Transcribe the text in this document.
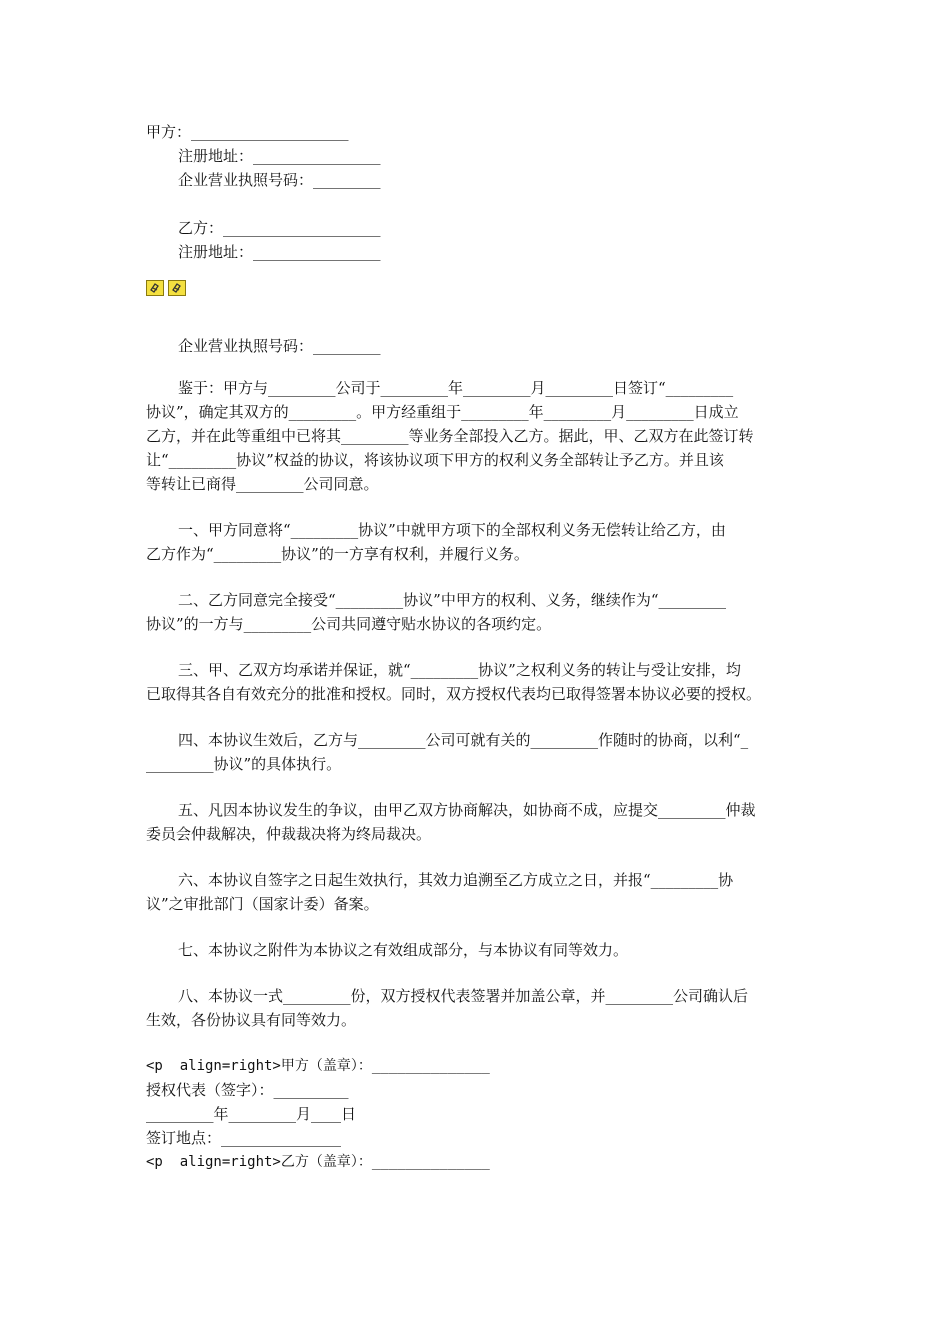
甲方：_____________________

注册地址：_________________

企业营业执照号码：_________

乙方：_____________________

注册地址：_________________

企业营业执照号码：_________

鉴于：甲方与_________公司于_________年_________月_________日签订“_________

协议”，确定其双方的_________。甲方经重组于_________年_________月_________日成立

乙方，并在此等重组中已将其_________等业务全部投入乙方。据此，甲、乙双方在此签订转

让“_________协议”权益的协议，将该协议项下甲方的权利义务全部转让予乙方。并且该

等转让已商得_________公司同意。

一、甲方同意将“_________协议”中就甲方项下的全部权利义务无偿转让给乙方，由

乙方作为“_________协议”的一方享有权利，并履行义务。

二、乙方同意完全接受“_________协议”中甲方的权利、义务，继续作为“_________

协议”的一方与_________公司共同遵守贴水协议的各项约定。

三、甲、乙双方均承诺并保证，就“_________协议”之权利义务的转让与受让安排，均

已取得其各自有效充分的批准和授权。同时，双方授权代表均已取得签署本协议必要的授权。

四、本协议生效后，乙方与_________公司可就有关的_________作随时的协商，以利“_

_________协议”的具体执行。

五、凡因本协议发生的争议，由甲乙双方协商解决，如协商不成，应提交_________仲裁

委员会仲裁解决，仲裁裁决将为终局裁决。

六、本协议自签字之日起生效执行，其效力追溯至乙方成立之日，并报“_________协

议”之审批部门（国家计委）备案。

七、本协议之附件为本协议之有效组成部分，与本协议有同等效力。

八、本协议一式_________份，双方授权代表签署并加盖公章，并_________公司确认后

生效，各份协议具有同等效力。

<p  align=right>甲方（盖章）：______________

授权代表（签字）：__________

_________年_________月____日

签订地点：________________

<p  align=right>乙方（盖章）：______________
